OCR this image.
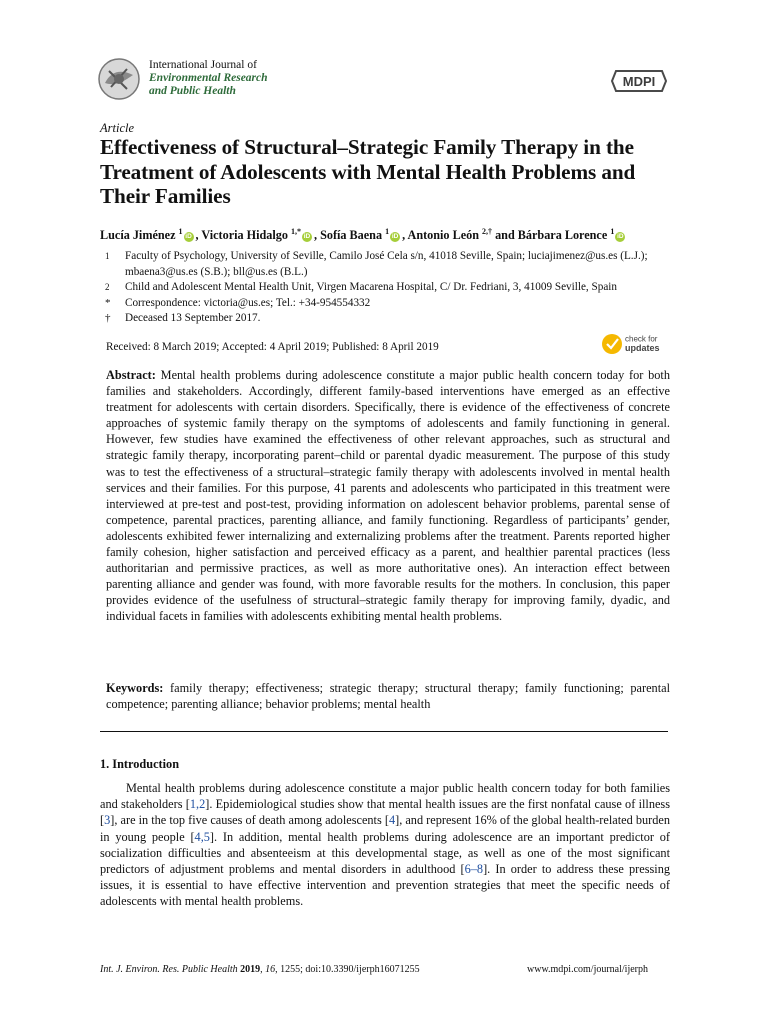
International Journal of
Environmental Research
and Public Health
MDPI
Article
Effectiveness of Structural–Strategic Family Therapy in the Treatment of Adolescents with Mental Health Problems and Their Families
Lucía Jiménez $^1$iD , Victoria Hidalgo $^{1,*}$iD , Sofía Baena $^1$iD , Antonio León $^{2,\dagger}$ and Bárbara Lorence $^1$iD
1 Faculty of Psychology, University of Seville, Camilo José Cela s/n, 41018 Seville, Spain; luciajimenez@us.es (L.J.); mbaena3@us.es (S.B.); bll@us.es (B.L.)
2 Child and Adolescent Mental Health Unit, Virgen Macarena Hospital, C/ Dr. Fedriani, 3, 41009 Seville, Spain
* Correspondence: victoria@us.es; Tel.: +34-954554332
† Deceased 13 September 2017.
Received: 8 March 2019; Accepted: 4 April 2019; Published: 8 April 2019
check for
updates
Abstract: Mental health problems during adolescence constitute a major public health concern today for both families and stakeholders. Accordingly, different family-based interventions have emerged as an effective treatment for adolescents with certain disorders. Specifically, there is evidence of the effectiveness of concrete approaches of systemic family therapy on the symptoms of adolescents and family functioning in general. However, few studies have examined the effectiveness of other relevant approaches, such as structural and strategic family therapy, incorporating parent–child or parental dyadic measurement. The purpose of this study was to test the effectiveness of a structural–strategic family therapy with adolescents involved in mental health services and their families. For this purpose, 41 parents and adolescents who participated in this treatment were interviewed at pre-test and post-test, providing information on adolescent behavior problems, parental sense of competence, parental practices, parenting alliance, and family functioning. Regardless of participants’ gender, adolescents exhibited fewer internalizing and externalizing problems after the treatment. Parents reported higher family cohesion, higher satisfaction and perceived efficacy as a parent, and healthier parental practices (less authoritarian and permissive practices, as well as more authoritative ones). An interaction effect between parenting alliance and gender was found, with more favorable results for the mothers. In conclusion, this paper provides evidence of the usefulness of structural–strategic family therapy for improving family, dyadic, and individual facets in families with adolescents exhibiting mental health problems.
Keywords: family therapy; effectiveness; strategic therapy; structural therapy; family functioning; parental competence; parenting alliance; behavior problems; mental health
1. Introduction
Mental health problems during adolescence constitute a major public health concern today for both families and stakeholders [1,2]. Epidemiological studies show that mental health issues are the first nonfatal cause of illness [3], are in the top five causes of death among adolescents [4], and represent 16% of the global health-related burden in young people [4,5]. In addition, mental health problems during adolescence are an important predictor of socialization difficulties and absenteeism at this developmental stage, as well as one of the most significant predictors of adjustment problems and mental disorders in adulthood [6–8]. In order to address these pressing issues, it is essential to have effective intervention and prevention strategies that meet the specific needs of adolescents with mental health problems.
Int. J. Environ. Res. Public Health 2019, 16, 1255; doi:10.3390/ijerph16071255	www.mdpi.com/journal/ijerph
